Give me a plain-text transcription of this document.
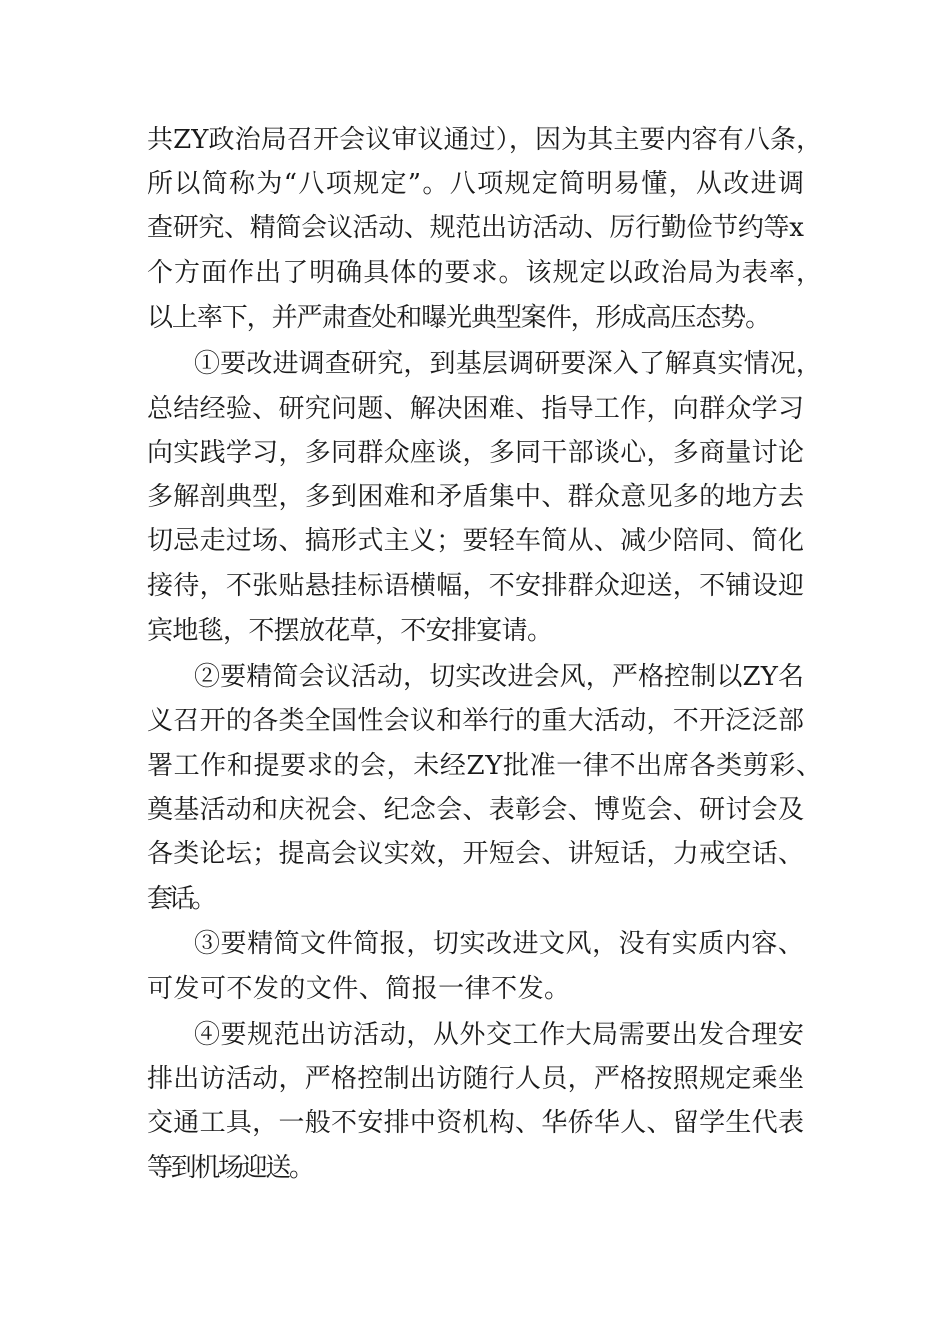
共ZY政治局召开会议审议通过），因为其主要内容有八条，
所以简称为“八项规定”。八项规定简明易懂，从改进调
查研究、精简会议活动、规范出访活动、厉行勤俭节约等x
个方面作出了明确具体的要求。该规定以政治局为表率，
以上率下，并严肃查处和曝光典型案件，形成高压态势。
①要改进调查研究，到基层调研要深入了解真实情况，
总结经验、研究问题、解决困难、指导工作，向群众学习
向实践学习，多同群众座谈，多同干部谈心，多商量讨论
多解剖典型，多到困难和矛盾集中、群众意见多的地方去
切忌走过场、搞形式主义；要轻车简从、减少陪同、简化
接待，不张贴悬挂标语横幅，不安排群众迎送，不铺设迎
宾地毯，不摆放花草，不安排宴请。
②要精简会议活动，切实改进会风，严格控制以ZY名
义召开的各类全国性会议和举行的重大活动，不开泛泛部
署工作和提要求的会，未经ZY批准一律不出席各类剪彩、
奠基活动和庆祝会、纪念会、表彰会、博览会、研讨会及
各类论坛；提高会议实效，开短会、讲短话，力戒空话、
套话。
③要精简文件简报，切实改进文风，没有实质内容、
可发可不发的文件、简报一律不发。
④要规范出访活动，从外交工作大局需要出发合理安
排出访活动，严格控制出访随行人员，严格按照规定乘坐
交通工具，一般不安排中资机构、华侨华人、留学生代表
等到机场迎送。
